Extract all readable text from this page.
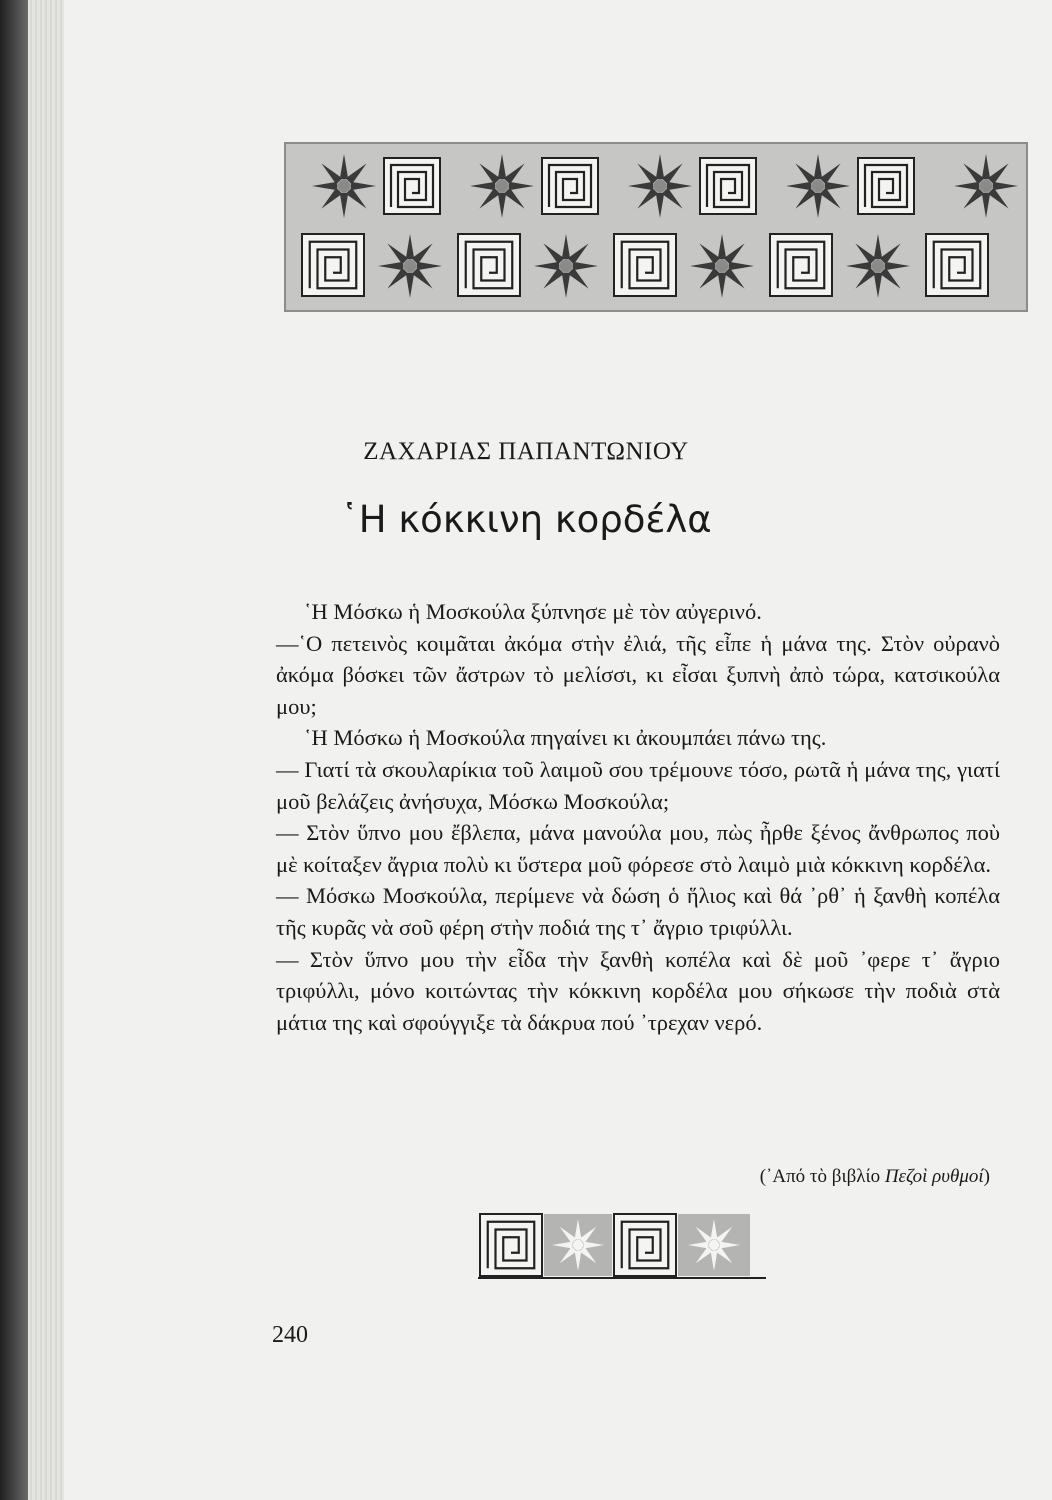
ΖΑΧΑΡΙΑΣ ΠΑΠΑΝΤΩΝΙΟΥ
῾Η κόκκινη κορδέλα

῾Η Μόσκω ἡ Μοσκούλα ξύπνησε μὲ τὸν αὐγερινό.

—῾Ο πετεινὸς κοιμᾶται ἀκόμα στὴν ἐλιά, τῆς εἶπε ἡ μάνα της. Στὸν οὐρανὸ ἀκόμα βόσκει τῶν ἄστρων τὸ μελίσσι, κι εἶσαι ξυπνὴ ἀπὸ τώρα, κατσικούλα μου;

῾Η Μόσκω ἡ Μοσκούλα πηγαίνει κι ἀκουμπάει πάνω της.

— Γιατί τὰ σκουλαρίκια τοῦ λαιμοῦ σου τρέμουνε τόσο, ρωτᾶ ἡ μάνα της, γιατί μοῦ βελάζεις ἀνήσυχα, Μόσκω Μοσκούλα;

— Στὸν ὕπνο μου ἔβλεπα, μάνα μανούλα μου, πὼς ἦρθε ξένος ἄνθρωπος ποὺ μὲ κοίταξεν ἄγρια πολὺ κι ὕστερα μοῦ φόρεσε στὸ λαιμὸ μιὰ κόκκινη κορδέλα.

— Μόσκω Μοσκούλα, περίμενε νὰ δώση ὁ ἥλιος καὶ θά ᾽ρθ᾽ ἡ ξανθὴ κοπέλα τῆς κυρᾶς νὰ σοῦ φέρη στὴν ποδιά της τ᾽ ἄγριο τριφύλλι.

— Στὸν ὕπνο μου τὴν εἶδα τὴν ξανθὴ κοπέλα καὶ δὲ μοῦ ᾽φερε τ᾽ ἄγριο τριφύλλι, μόνο κοιτώντας τὴν κόκκινη κορδέλα μου σήκωσε τὴν ποδιὰ στὰ μάτια της καὶ σφούγγιξε τὰ δάκρυα πού ᾽τρεχαν νερό.

(᾽Από τὸ βιβλίο Πεζοὶ ρυθμοί)
240
